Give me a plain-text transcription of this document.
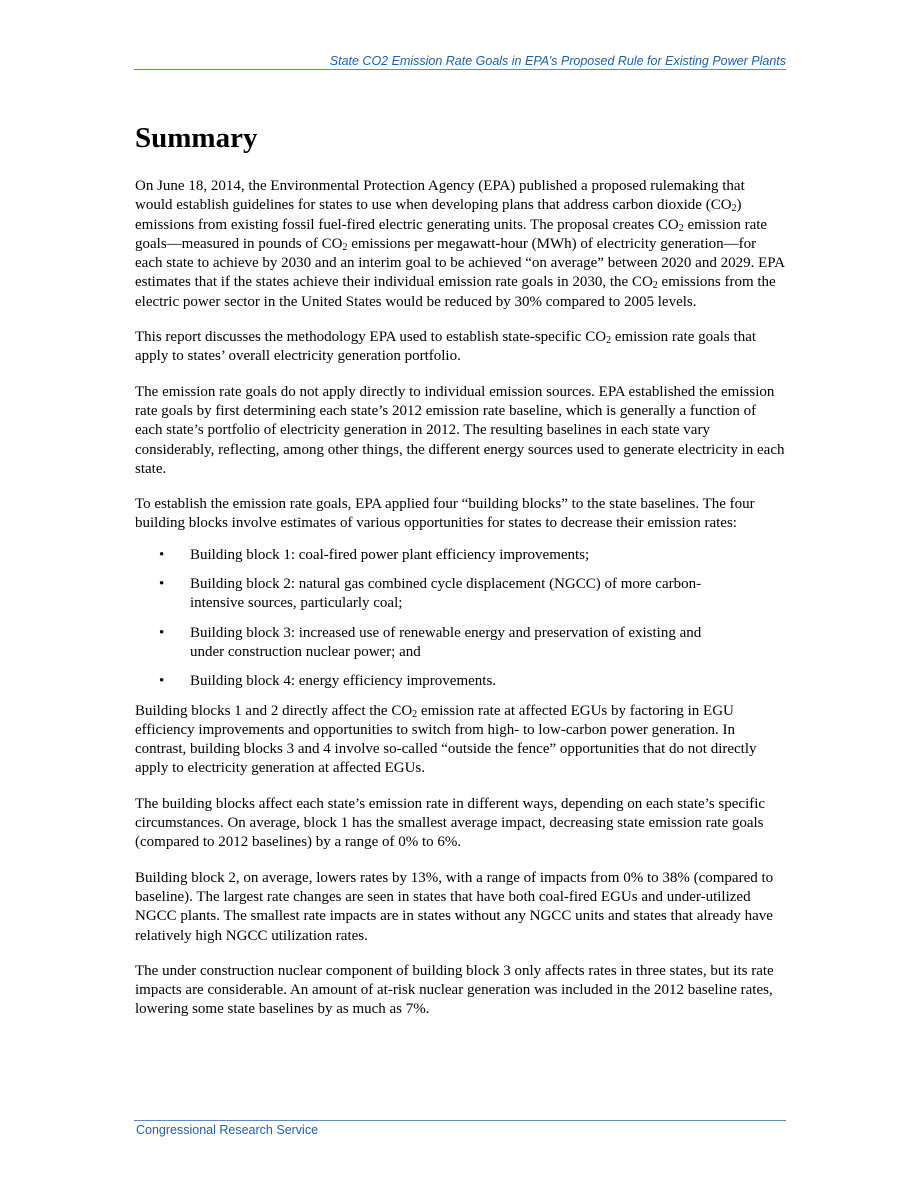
State CO2 Emission Rate Goals in EPA’s Proposed Rule for Existing Power Plants
Summary

On June 18, 2014, the Environmental Protection Agency (EPA) published a proposed rulemaking that would establish guidelines for states to use when developing plans that address carbon dioxide $(CO_2)$ emissions from existing fossil fuel-fired electric generating units. The proposal creates $CO_2$ emission rate goals—measured in pounds of $CO_2$ emissions per megawatt-hour (MWh) of electricity generation—for each state to achieve by 2030 and an interim goal to be achieved “on average” between 2020 and 2029. EPA estimates that if the states achieve their individual emission rate goals in 2030, the $CO_2$ emissions from the electric power sector in the United States would be reduced by 30% compared to 2005 levels.

This report discusses the methodology EPA used to establish state-specific $CO_2$ emission rate goals that apply to states’ overall electricity generation portfolio.

The emission rate goals do not apply directly to individual emission sources. EPA established the emission rate goals by first determining each state’s 2012 emission rate baseline, which is generally a function of each state’s portfolio of electricity generation in 2012. The resulting baselines in each state vary considerably, reflecting, among other things, the different energy sources used to generate electricity in each state.

To establish the emission rate goals, EPA applied four “building blocks” to the state baselines. The four building blocks involve estimates of various opportunities for states to decrease their emission rates:

• Building block 1: coal-fired power plant efficiency improvements;
• Building block 2: natural gas combined cycle displacement (NGCC) of more carbon-intensive sources, particularly coal;
• Building block 3: increased use of renewable energy and preservation of existing and under construction nuclear power; and
• Building block 4: energy efficiency improvements.

Building blocks 1 and 2 directly affect the $CO_2$ emission rate at affected EGUs by factoring in EGU efficiency improvements and opportunities to switch from high- to low-carbon power generation. In contrast, building blocks 3 and 4 involve so-called “outside the fence” opportunities that do not directly apply to electricity generation at affected EGUs.

The building blocks affect each state’s emission rate in different ways, depending on each state’s specific circumstances. On average, block 1 has the smallest average impact, decreasing state emission rate goals (compared to 2012 baselines) by a range of 0% to 6%.

Building block 2, on average, lowers rates by 13%, with a range of impacts from 0% to 38% (compared to baseline). The largest rate changes are seen in states that have both coal-fired EGUs and under-utilized NGCC plants. The smallest rate impacts are in states without any NGCC units and states that already have relatively high NGCC utilization rates.

The under construction nuclear component of building block 3 only affects rates in three states, but its rate impacts are considerable. An amount of at-risk nuclear generation was included in the 2012 baseline rates, lowering some state baselines by as much as 7%.

Congressional Research Service
